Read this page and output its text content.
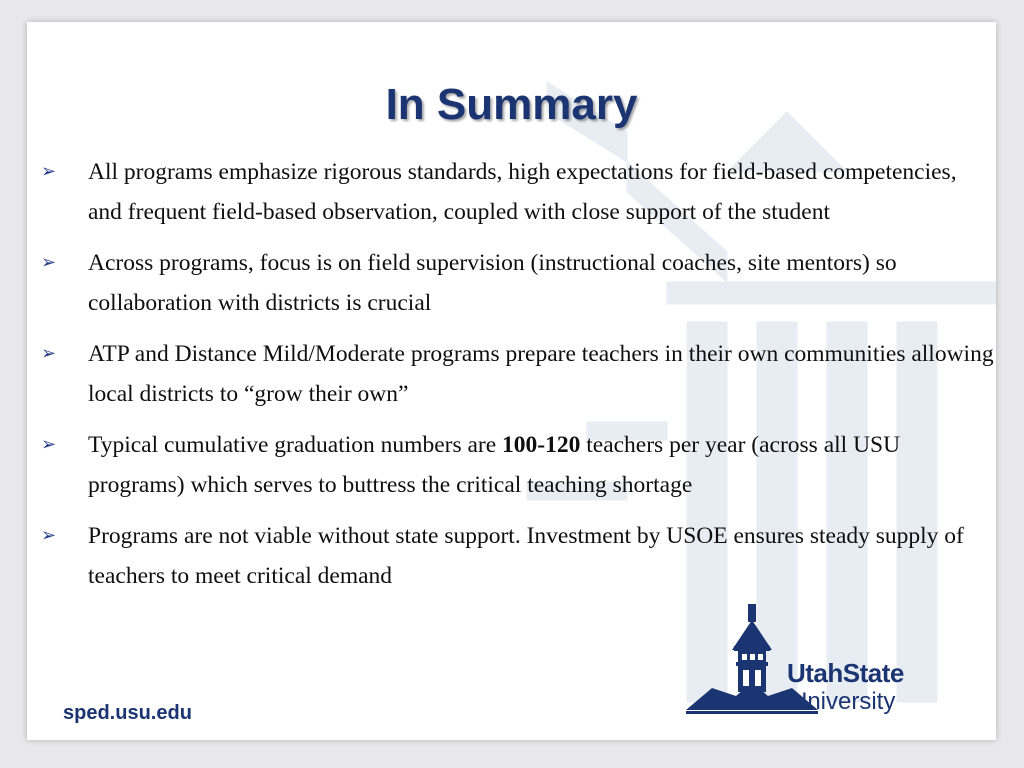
In Summary
➢ All programs emphasize rigorous standards, high expectations for field-based competencies, and frequent field-based observation, coupled with close support of the student
➢ Across programs, focus is on field supervision (instructional coaches, site mentors) so collaboration with districts is crucial
➢ ATP and Distance Mild/Moderate programs prepare teachers in their own communities allowing local districts to “grow their own”
➢ Typical cumulative graduation numbers are 100-120 teachers per year (across all USU programs) which serves to buttress the critical teaching shortage
➢ Programs are not viable without state support. Investment by USOE ensures steady supply of teachers to meet critical demand
sped.usu.edu
UtahState
University
